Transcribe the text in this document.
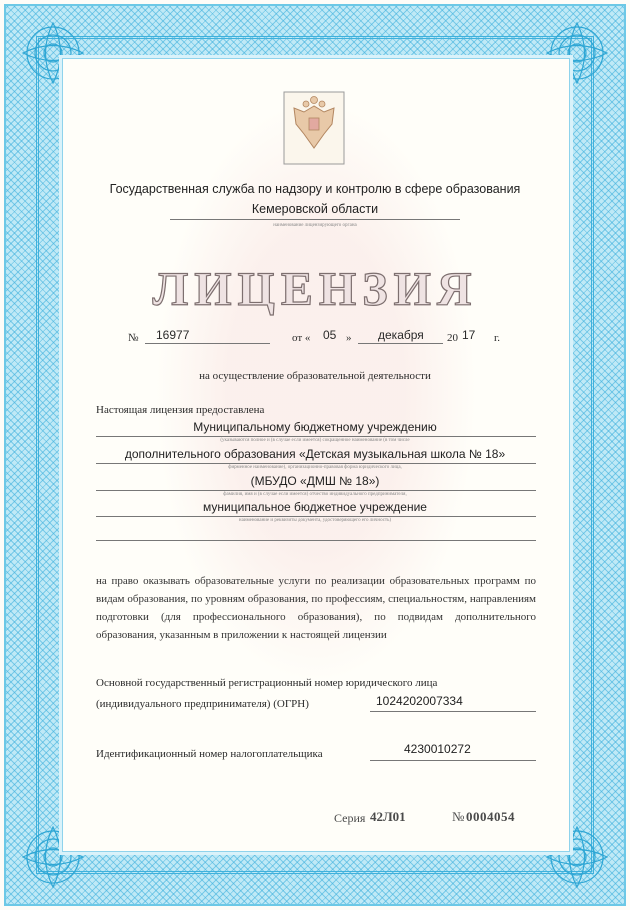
Государственная служба по надзору и контролю в сфере образования
Кемеровской области
наименование лицензирующего органа
ЛИЦЕНЗИЯ
№ 16977	от « 05 » декабря 20 17 г.
на осуществление образовательной деятельности
Настоящая лицензия предоставлена
Муниципальному бюджетному учреждению
(указываются полное и (в случае если имеется) сокращенное наименование (в том числе
дополнительного образования «Детская музыкальная школа № 18»
фирменное наименование), организационно-правовая форма юридического лица,
(МБУДО «ДМШ № 18»)
фамилия, имя и (в случае если имеется) отчество индивидуального предпринимателя,
муниципальное бюджетное учреждение
наименование и реквизиты документа, удостоверяющего его личность)
на право оказывать образовательные услуги по реализации образовательных программ по видам образования, по уровням образования, по профессиям, специальностям, направлениям подготовки (для профессионального образования), по подвидам дополнительного образования, указанным в приложении к настоящей лицензии
Основной государственный регистрационный номер юридического лица
(индивидуального предпринимателя) (ОГРН)	1024202007334
Идентификационный номер налогоплательщика	4230010272
Серия 42Л01	№ 0004054
